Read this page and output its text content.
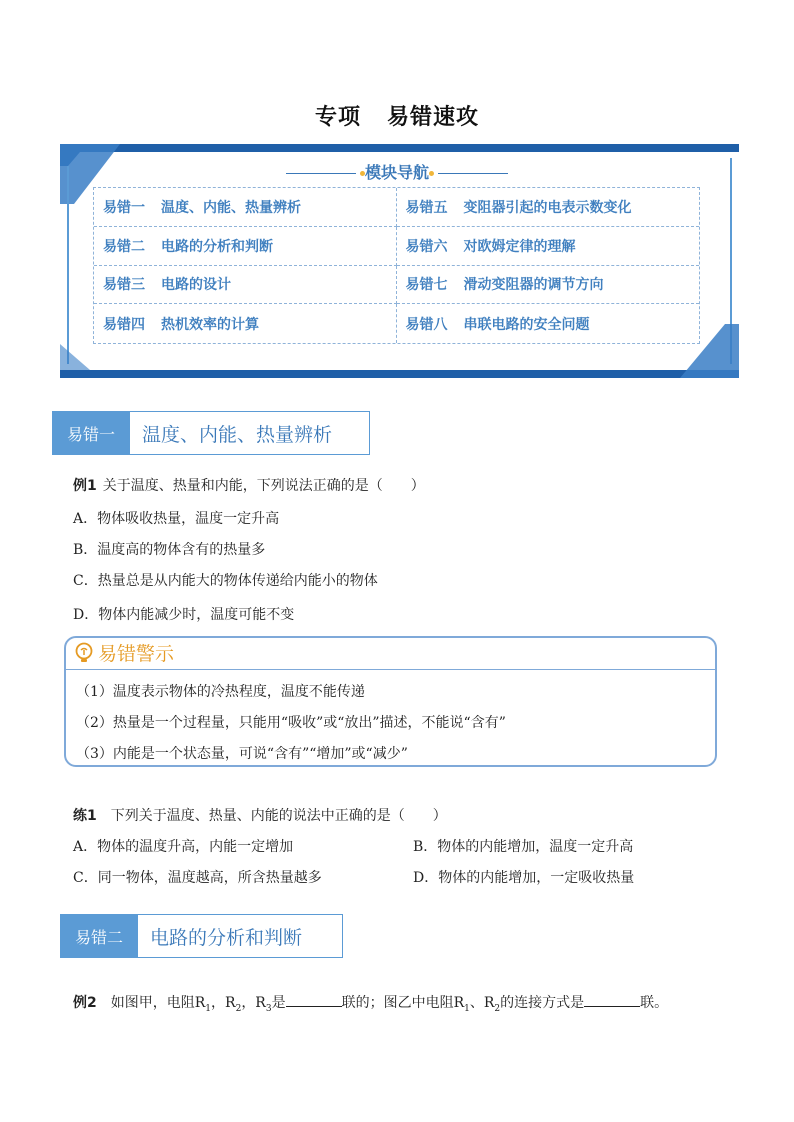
专项 易错速攻
模块导航
易错一 温度、内能、热量辨析	易错五 变阻器引起的电表示数变化
易错二 电路的分析和判断	易错六 对欧姆定律的理解
易错三 电路的设计	易错七 滑动变阻器的调节方向
易错四 热机效率的计算	易错八 串联电路的安全问题
易错一	温度、内能、热量辨析
例1 关于温度、热量和内能，下列说法正确的是（　　）
A．物体吸收热量，温度一定升高
B．温度高的物体含有的热量多
C．热量总是从内能大的物体传递给内能小的物体
D．物体内能减少时，温度可能不变
易错警示
（1）温度表示物体的冷热程度，温度不能传递
（2）热量是一个过程量，只能用“吸收”或“放出”描述，不能说“含有”
（3）内能是一个状态量，可说“含有”“增加”或“减少”
练1 下列关于温度、热量、内能的说法中正确的是（　　）
A．物体的温度升高，内能一定增加	B．物体的内能增加，温度一定升高
C．同一物体，温度越高，所含热量越多	D．物体的内能增加，一定吸收热量
易错二	电路的分析和判断
例2 如图甲，电阻$R_1$，$R_2$，$R_3$是	联的；图乙中电阻$R_1$、$R_2$的连接方式是	联。
